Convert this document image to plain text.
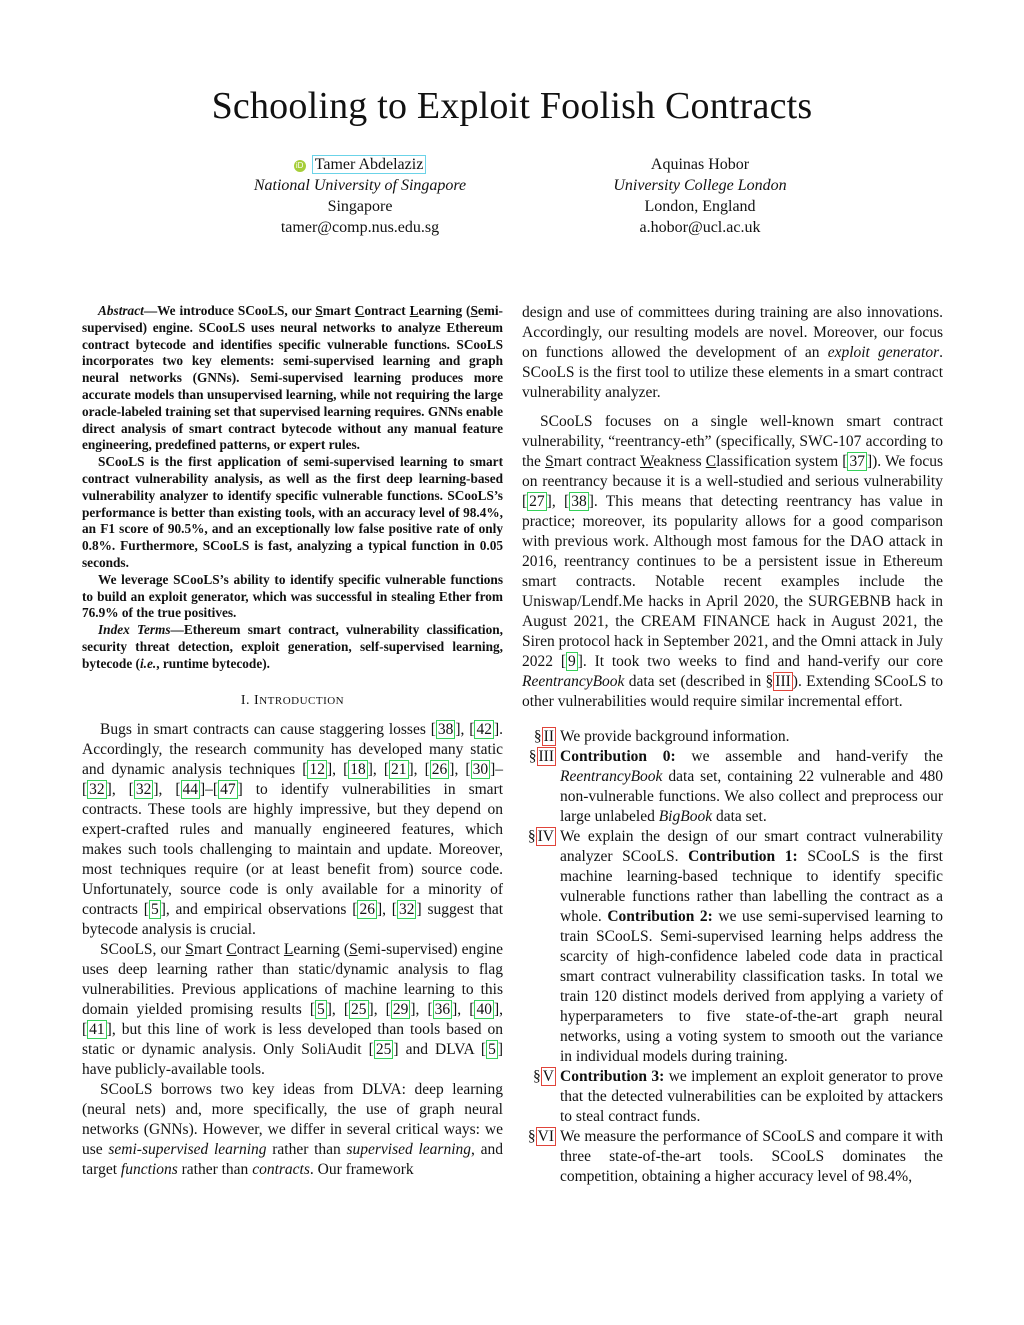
Schooling to Exploit Foolish Contracts
iD Tamer Abdelaziz
National University of Singapore
Singapore
tamer@comp.nus.edu.sg
Aquinas Hobor
University College London
London, England
a.hobor@ucl.ac.uk

Abstract—We introduce SCooLS, our Smart Contract Learning (Semi-supervised) engine. SCooLS uses neural networks to analyze Ethereum contract bytecode and identifies specific vulnerable functions. SCooLS incorporates two key elements: semi-supervised learning and graph neural networks (GNNs). Semi-supervised learning produces more accurate models than unsupervised learning, while not requiring the large oracle-labeled training set that supervised learning requires. GNNs enable direct analysis of smart contract bytecode without any manual feature engineering, predefined patterns, or expert rules.

SCooLS is the first application of semi-supervised learning to smart contract vulnerability analysis, as well as the first deep learning-based vulnerability analyzer to identify specific vulnerable functions. SCooLS’s performance is better than existing tools, with an accuracy level of 98.4%, an F1 score of 90.5%, and an exceptionally low false positive rate of only 0.8%. Furthermore, SCooLS is fast, analyzing a typical function in 0.05 seconds.

We leverage SCooLS’s ability to identify specific vulnerable functions to build an exploit generator, which was successful in stealing Ether from 76.9% of the true positives.

Index Terms—Ethereum smart contract, vulnerability classification, security threat detection, exploit generation, self-supervised learning, bytecode (i.e., runtime bytecode).

I. INTRODUCTION

Bugs in smart contracts can cause staggering losses [ 38 ], [ 42 ]. Accordingly, the research community has developed many static and dynamic analysis techniques [ 12 ], [ 18 ], [ 21 ], [ 26 ], [ 30 ]–[ 32 ], [ 32 ], [ 44 ]–[ 47 ] to identify vulnerabilities in smart contracts. These tools are highly impressive, but they depend on expert-crafted rules and manually engineered features, which makes such tools challenging to maintain and update. Moreover, most techniques require (or at least benefit from) source code. Unfortunately, source code is only available for a minority of contracts [ 5 ], and empirical observations [ 26 ], [ 32 ] suggest that bytecode analysis is crucial.

SCooLS, our Smart Contract Learning (Semi-supervised) engine uses deep learning rather than static/dynamic analysis to flag vulnerabilities. Previous applications of machine learning to this domain yielded promising results [ 5 ], [ 25 ], [ 29 ], [ 36 ], [ 40 ], [ 41 ], but this line of work is less developed than tools based on static or dynamic analysis. Only SoliAudit [ 25 ] and DLVA [ 5 ] have publicly-available tools.

SCooLS borrows two key ideas from DLVA: deep learning (neural nets) and, more specifically, the use of graph neural networks (GNNs). However, we differ in several critical ways: we use semi-supervised learning rather than supervised learning, and target functions rather than contracts. Our framework

design and use of committees during training are also innovations. Accordingly, our resulting models are novel. Moreover, our focus on functions allowed the development of an exploit generator. SCooLS is the first tool to utilize these elements in a smart contract vulnerability analyzer.

SCooLS focuses on a single well-known smart contract vulnerability, “reentrancy-eth” (specifically, SWC-107 according to the Smart contract Weakness Classification system [ 37 ]). We focus on reentrancy because it is a well-studied and serious vulnerability [ 27 ], [ 38 ]. This means that detecting reentrancy has value in practice; moreover, its popularity allows for a good comparison with previous work. Although most famous for the DAO attack in 2016, reentrancy continues to be a persistent issue in Ethereum smart contracts. Notable recent examples include the Uniswap/Lendf.Me hacks in April 2020, the SURGEBNB hack in August 2021, the CREAM FINANCE hack in August 2021, the Siren protocol hack in September 2021, and the Omni attack in July 2022 [ 9 ]. It took two weeks to find and hand-verify our core ReentrancyBook data set (described in § III ). Extending SCooLS to other vulnerabilities would require similar incremental effort.

§ II We provide background information.
§ III Contribution 0: we assemble and hand-verify the ReentrancyBook data set, containing 22 vulnerable and 480 non-vulnerable functions. We also collect and preprocess our large unlabeled BigBook data set.
§ IV We explain the design of our smart contract vulnerability analyzer SCooLS. Contribution 1: SCooLS is the first machine learning-based technique to identify specific vulnerable functions rather than labelling the contract as a whole. Contribution 2: we use semi-supervised learning to train SCooLS. Semi-supervised learning helps address the scarcity of high-confidence labeled code data in practical smart contract vulnerability classification tasks. In total we train 120 distinct models derived from applying a variety of hyperparameters to five state-of-the-art graph neural networks, using a voting system to smooth out the variance in individual models during training.
§ V Contribution 3: we implement an exploit generator to prove that the detected vulnerabilities can be exploited by attackers to steal contract funds.
§ VI We measure the performance of SCooLS and compare it with three state-of-the-art tools. SCooLS dominates the competition, obtaining a higher accuracy level of 98.4%,
